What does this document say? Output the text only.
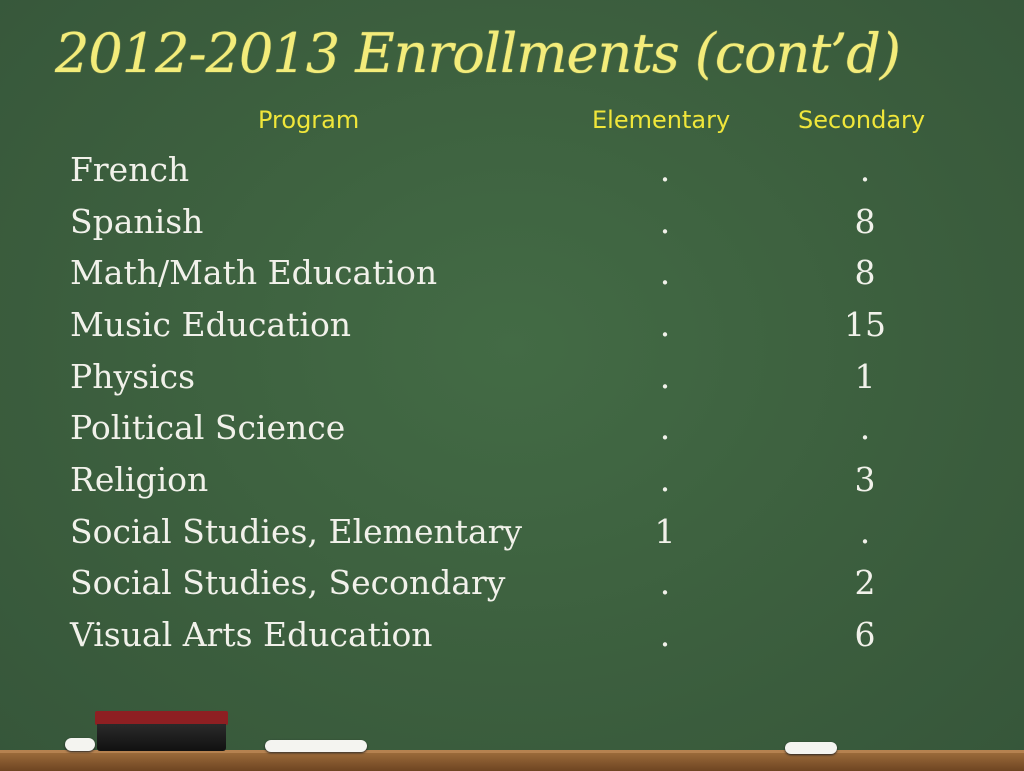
2012-2013 Enrollments (cont’d)
Program	Elementary	Secondary
French	.	.
Spanish	.	8
Math/Math Education	.	8
Music Education	.	15
Physics	.	1
Political Science	.	.
Religion	.	3
Social Studies, Elementary	1	.
Social Studies, Secondary	.	2
Visual Arts Education	.	6
